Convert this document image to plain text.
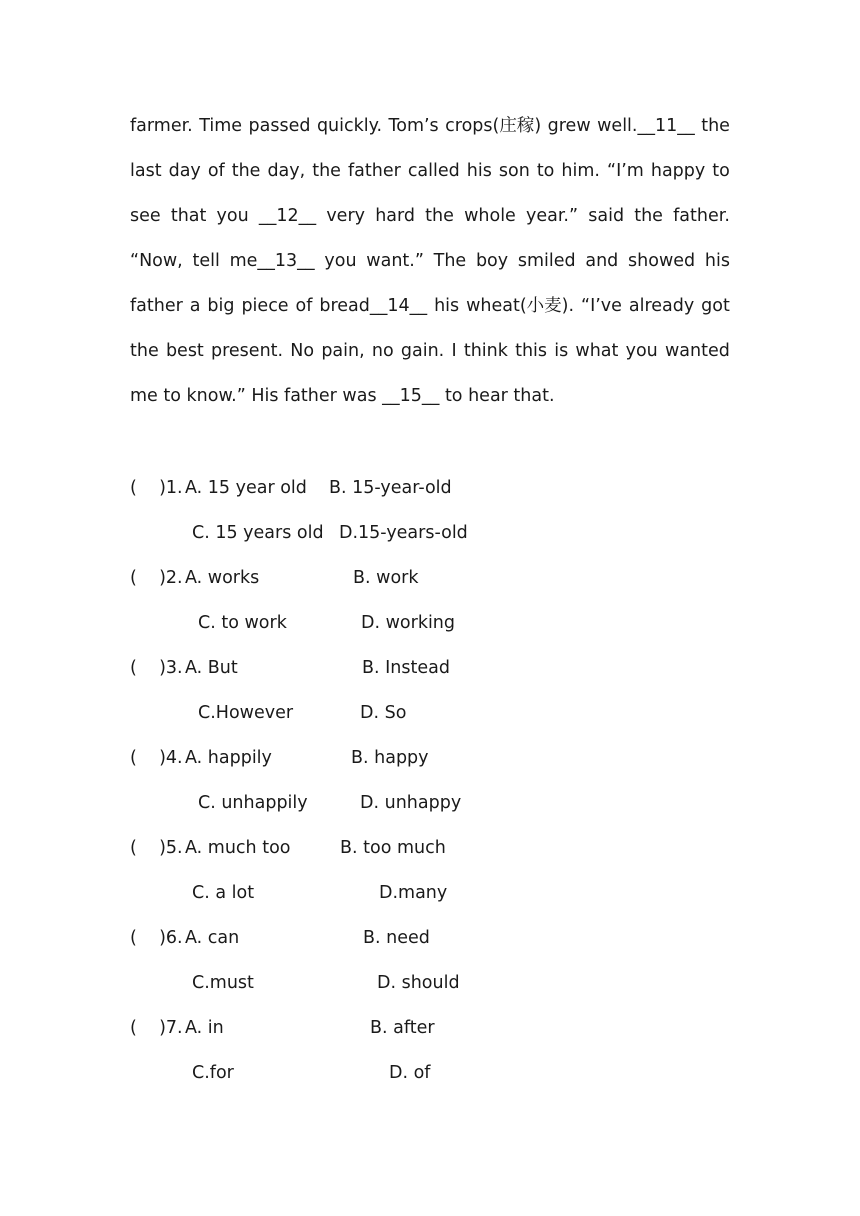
farmer. Time passed quickly. Tom’s crops(庄稼) grew well.__11__ the
last day of the day, the father called his son to him. “I’m happy to
see that you __12__ very hard the whole year.” said the father.
“Now, tell me__13__ you want.” The boy smiled and showed his
father a big piece of bread__14__ his wheat(小麦). “I’ve already got
the best present. No pain, no gain. I think this is what you wanted
me to know.” His father was __15__ to hear that.
(    )1. A. 15 year old B. 15-year-old
C. 15 years old D.15-years-old
(    )2. A. works	B. work
C. to work	D. working
(    )3. A. But	B. Instead
C.However	D. So
(    )4. A. happily	B. happy
C. unhappily	D. unhappy
(    )5. A. much too	B. too much
C. a lot	D.many
(    )6. A. can	B. need
C.must	D. should
(    )7. A. in	B. after
C.for	D. of
